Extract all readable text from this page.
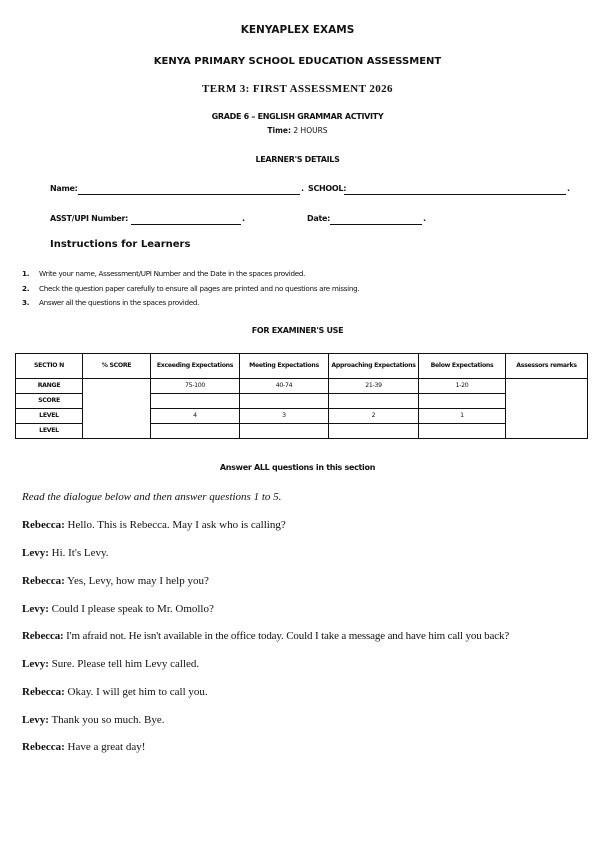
KENYAPLEX EXAMS
KENYA PRIMARY SCHOOL EDUCATION ASSESSMENT
TERM 3: FIRST ASSESSMENT 2026
GRADE 6 – ENGLISH GRAMMAR ACTIVITY
Time: 2 HOURS
LEARNER'S DETAILS
Name:	. SCHOOL:	.
ASST/UPI Number:	.	Date:	.
Instructions for Learners
1. Write your name, Assessment/UPI Number and the Date in the spaces provided.
2. Check the question paper carefully to ensure all pages are printed and no questions are missing.
3. Answer all the questions in the spaces provided.
FOR EXAMINER'S USE
SECTIO N	% SCORE	Exceeding Expectations	Meeting Expectations	Approaching Expectations	Below Expectations	Assessors remarks
RANGE		75-100	40-74	21-39	1-20	
SCORE						
LEVEL		4	3	2	1	
LEVEL						
Answer ALL questions in this section
Read the dialogue below and then answer questions 1 to 5.
Rebecca: Hello. This is Rebecca. May I ask who is calling?
Levy: Hi. It's Levy.
Rebecca: Yes, Levy, how may I help you?
Levy: Could I please speak to Mr. Omollo?
Rebecca: I'm afraid not. He isn't available in the office today. Could I take a message and have him call you back?
Levy: Sure. Please tell him Levy called.
Rebecca: Okay. I will get him to call you.
Levy: Thank you so much. Bye.
Rebecca: Have a great day!
